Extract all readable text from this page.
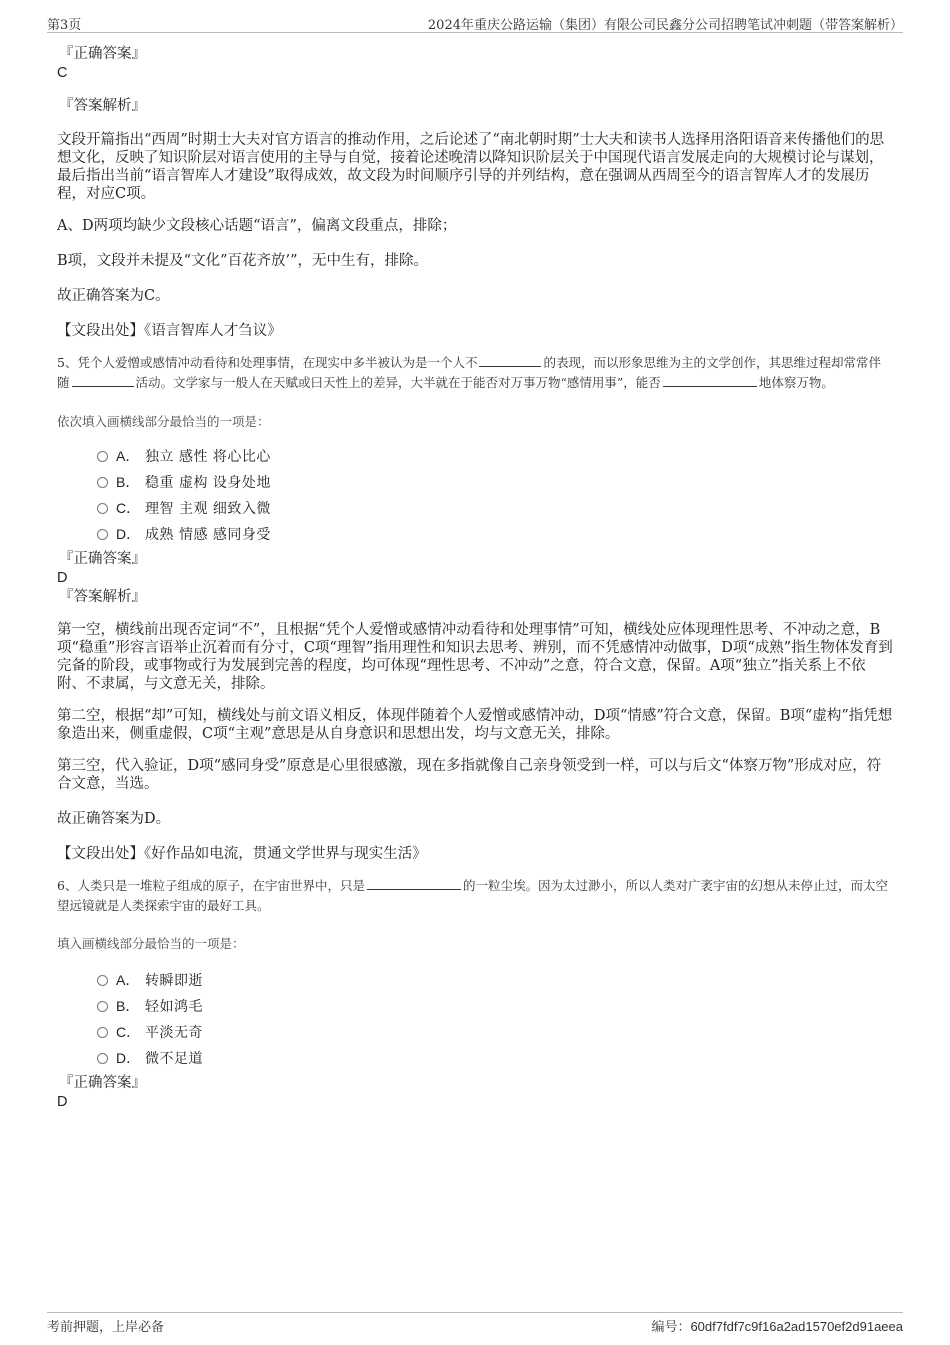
第3页	2024年重庆公路运输（集团）有限公司民鑫分公司招聘笔试冲刺题（带答案解析）
『正确答案』
C
『答案解析』

文段开篇指出“西周”时期士大夫对官方语言的推动作用，之后论述了“南北朝时期”士大夫和读书人选择用洛阳语音来传播他们的思想文化，反映了知识阶层对语言使用的主导与自觉，接着论述晚清以降知识阶层关于中国现代语言发展走向的大规模讨论与谋划，最后指出当前“语言智库人才建设”取得成效，故文段为时间顺序引导的并列结构，意在强调从西周至今的语言智库人才的发展历程，对应C项。

A、D两项均缺少文段核心话题“语言”，偏离文段重点，排除；

B项，文段并未提及“文化”百花齐放’”，无中生有，排除。

故正确答案为C。

【文段出处】《语言智库人才刍议》

5、凭个人爱憎或感情冲动看待和处理事情，在现实中多半被认为是一个人不	的表现，而以形象思维为主的文学创作，其思维过程却常常伴随	活动。文学家与一般人在天赋或曰天性上的差异，大半就在于能否对万事万物“感情用事”，能否	地体察万物。

依次填入画横线部分最恰当的一项是：

A． 独立 感性 将心比心
B． 稳重 虚构 设身处地
C． 理智 主观 细致入微
D． 成熟 情感 感同身受
『正确答案』
D
『答案解析』

第一空，横线前出现否定词“不”，且根据“凭个人爱憎或感情冲动看待和处理事情”可知，横线处应体现理性思考、不冲动之意，B项“稳重”形容言语举止沉着而有分寸，C项“理智”指用理性和知识去思考、辨别，而不凭感情冲动做事，D项“成熟”指生物体发育到完备的阶段，或事物或行为发展到完善的程度，均可体现“理性思考、不冲动”之意，符合文意，保留。A项“独立”指关系上不依附、不隶属，与文意无关，排除。

第二空，根据“却”可知，横线处与前文语义相反，体现伴随着个人爱憎或感情冲动，D项“情感”符合文意，保留。B项“虚构”指凭想象造出来，侧重虚假，C项“主观”意思是从自身意识和思想出发，均与文意无关，排除。

第三空，代入验证，D项“感同身受”原意是心里很感激，现在多指就像自己亲身领受到一样，可以与后文“体察万物”形成对应，符合文意，当选。

故正确答案为D。

【文段出处】《好作品如电流，贯通文学世界与现实生活》

6、人类只是一堆粒子组成的原子，在宇宙世界中，只是	的一粒尘埃。因为太过渺小，所以人类对广袤宇宙的幻想从未停止过，而太空望远镜就是人类探索宇宙的最好工具。

填入画横线部分最恰当的一项是：

A． 转瞬即逝
B． 轻如鸿毛
C． 平淡无奇
D． 微不足道
『正确答案』
D
考前押题，上岸必备	编号：60df7fdf7c9f16a2ad1570ef2d91aeea
